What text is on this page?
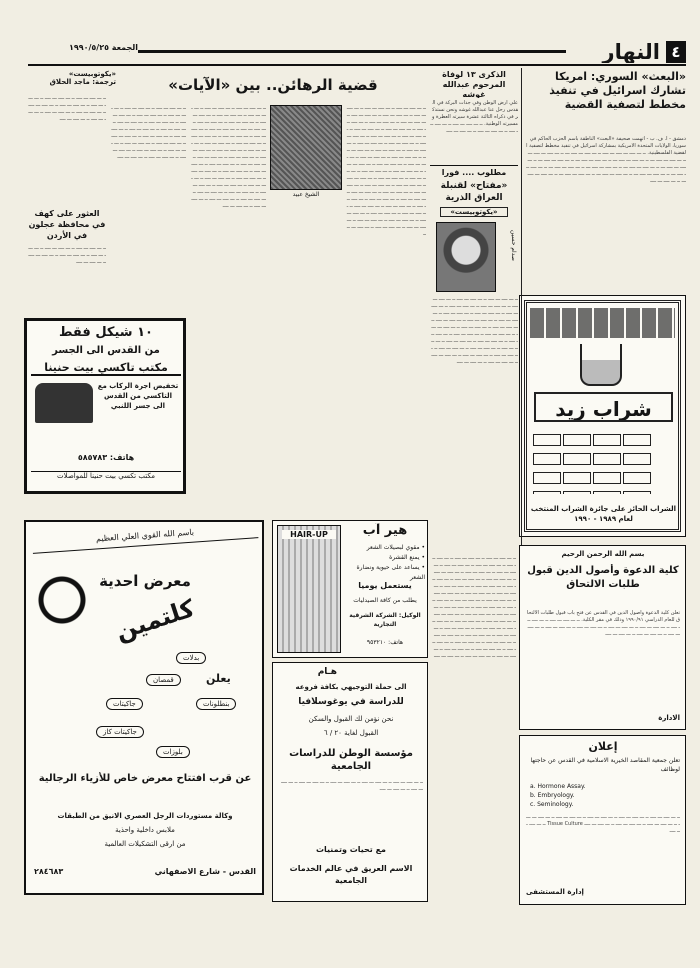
٤
النهار
الجمعة ١٩٩٠/٥/٢٥
«البعث» السوري: امريكا تشارك اسرائيل في تنفيذ مخطط لتصفية القضية
دمشق - ا. ف. ب - اتهمت صحيفة «البعث» الناطقة باسم الحزب الحاكم في سوريا، الولايات المتحدة الامريكية بمشاركة اسرائيل في تنفيذ مخطط لتصفية القضية الفلسطينية. ــ ـــ ــــ ـــ ــــ ـــ ــــ ــ ـــ ــــ ـــ ــــ ـــ ــ ـــ ــــ ـــ ــــ ـــ ــ ـــ ــــ ـــ ــــ ـــ ــ ـــ ــــ ـــ ــــ ـــ ــ ـــ ــــ ـــ ــــ ـــ ــ ـــ ــــ ـــ ــــ ـــ ــ ـــ ــــ ـــ ــــ ـــ ــ ـــ ــــ ـــ ــــ ـــ ــ ـــ ــــ ـــ ــــ ـــ ــ ـــ ــــ ـــ ــــ ـــ ــ ـــ ــــ ـــ ــــ ـــ ــ ـــ ــــ ـــ ــــ ـــ ــ ـــ ــــ ـــ ــــ ـــ ــ ـــ ــــ ـــ ــــ ـــ ــ ـــ ــــ ـــ ــــ ـــ ــ ـــ ــــ ـــ ــــ
شراب زيد

الشراب الحائز على جائزة الشراب المنتخب لعام ١٩٨٩ - ١٩٩٠
الذكرى ١٣ لوفاة المرحوم عبدالله غوشه
علي ارض الوطن وفي جدات البركة في القدس رحل عنا عبدالله غوشه ونحن نستذكر في ذكراه الثالثة عشرة سيرته العطرة ومسيرته الوطنية. ــ ـــ ــــ ـــ ــــ ــ ـــ ــــ ـــ ــــ ــ ـــ ــــ ـــ ــــ ــ ـــ ــــ ـــ ــــ
مطلوب .... فورا
«مفتاح» لقنبلة العراق الذرية
«يكوتوبيست»
صدام حسين
ــ ـــ ــــ ـــ ــــ ــ ـــ ــــ ـــ ــــ ــ ـــ ــــ ـــ ــــ ــ ـــ ــــ ـــ ــــ ــ ـــ ــــ ـــ ــــ ــ ـــ ــــ ـــ ــــ ــ ـــ ــــ ـــ ــــ ــ ـــ ــــ ـــ ــــ ــ ـــ ــــ ـــ ــــ ــ ـــ ــــ ـــ ــــ ــ ـــ ــــ ـــ ــــ ــ ـــ ــــ ـــ ــــ ــ ـــ ــــ ـــ ــــ ــ ـــ ــــ ـــ ــــ ــ ـــ ــــ ـــ ــــ ــ ـــ ــــ ـــ ــــ ــ ـــ ــــ ـــ ــــ ــ ـــ ــــ ـــ ــــ ــ ـــ ــــ ـــ ــــ ــ ـــ ــــ ـــ ــــ ــ ـــ ــــ ـــ ــــ ــ ـــ ــــ ـــ ــــ ــ ـــ ــــ ـــ ــــ ــ ـــ ــــ ـــ ــــ ــ ـــ ــــ ـــ ــــ ــ ـــ ــــ ـــ ــــ ــ ـــ ــــ ـــ ــــ
قضية الرهائن.. بين «الآيات»
«يكوتوبيست»
ترجمة: ماجد الحلاق
الشيخ عبيد
ــ ـــ ــــ ـــ ــــ ــ ـــ ــــ ـــ ــــ ــ ـــ ــــ ـــ ــــ ــ ـــ ــــ ـــ ــــ ــ ـــ ــــ ـــ ــــ ــ ـــ ــــ ـــ ــــ ــ ـــ ــــ ـــ ــــ ــ ـــ ــــ ـــ ــــ ــ ـــ ــــ ـــ ــــ ــ ـــ ــــ ـــ ــــ ــ ـــ ــــ ـــ ــــ ــ ـــ ــــ ـــ ــــ ــ ـــ ــــ ـــ ــــ ــ ـــ ــــ ـــ ــــ ــ ـــ ــــ ـــ ــــ ــ ـــ ــــ ـــ ــــ ــ ـــ ــــ ـــ ــــ ــ ـــ ــــ ـــ ــــ ــ ـــ ــــ ـــ ــــ ــ ـــ ــــ ـــ ــــ ــ ـــ ــــ ـــ ــــ ــ ـــ ــــ ـــ ــــ ــ ـــ ــــ ـــ ــــ ــ ـــ ــــ ـــ ــــ ــ ـــ ــــ ـــ ــــ ــ ـــ ــــ ـــ ــــ ــ ـــ ــــ ـــ ــــ ــ ـــ ــــ ـــ ــــ ــ ـــ ــــ ـــ ــــ ــ ـــ ــــ ـــ ــــ ــ ـــ ــــ ـــ ــــ ــ ـــ ــــ ـــ ــــ ــ ـــ ــــ ـــ ــــ ــ ـــ ــــ ـــ ــــ ــ ـــ ــــ ـــ ــــ ــ ـــ ــــ ـــ ــــ ــ ـــ ــــ ـــ ــــ ــ ـــ ــــ ـــ ــــ ــ ـــ ــــ ـــ ــــ ــ ـــ ــــ ـــ ــــ ــ ـــ ــــ ـــ ــــ ــ ـــ ــــ ـــ ــــ ــ ـــ ــــ ـــ ــــ ــ ـــ ــــ ـــ ــــ ــ ـــ ــــ ـــ ــــ ــ ـــ ــــ ـــ ــــ
ــ ـــ ــــ ـــ ــــ ــ ـــ ــــ ـــ ــــ ــ ـــ ــــ ـــ ــــ ــ ـــ ــــ ـــ ــــ ــ ـــ ــــ ـــ ــــ ــ ـــ ــــ ـــ ــــ ــ ـــ ــــ ـــ ــــ ــ ـــ ــــ ـــ ــــ ــ ـــ ــــ ـــ ــــ ــ ـــ ــــ ـــ ــــ ــ ـــ ــــ ـــ ــــ ــ ـــ ــــ ـــ ــــ ــ ـــ ــــ ـــ ــــ ــ ـــ ــــ ـــ ــــ ــ ـــ ــــ ـــ ــــ ــ ـــ ــــ ـــ ــــ ــ ـــ ــــ ـــ ــــ ــ ـــ ــــ ـــ ــــ ــ ـــ ــــ ـــ ــــ ــ ـــ ــــ ـــ ــــ ــ ـــ ــــ ـــ ــــ ــ ـــ ــــ ـــ ــــ ــ ـــ ــــ ـــ ــــ ــ ـــ ــــ ـــ ــــ ــ ـــ ــــ ـــ ــــ ــ ـــ ــــ ـــ ــــ ــ ـــ ــــ ـــ ــــ ــ ـــ ــــ ـــ ــــ ــ ـــ ــــ ـــ ــــ ــ ـــ ــــ ـــ ــــ ــ ـــ ــــ ـــ ــــ ــ ـــ ــــ ـــ ــــ ــ ـــ ــــ ـــ ــــ ــ ـــ ــــ ـــ ــــ ــ ـــ ــــ ـــ ــــ
ــ ـــ ــــ ـــ ــــ ــ ـــ ــــ ـــ ــــ ــ ـــ ــــ ـــ ــــ ــ ـــ ــــ ـــ ــــ ــ ـــ ــــ ـــ ــــ ــ ـــ ــــ ـــ ــــ ــ ـــ ــــ ـــ ــــ ــ ـــ ــــ ـــ ــــ ــ ـــ ــــ ـــ ــــ ــ ـــ ــــ ـــ ــــ ــ ـــ ــــ ـــ ــــ ــ ـــ ــــ ـــ ــــ ــ ـــ ــــ ـــ ــــ ــ ـــ ــــ ـــ ــــ ــ ـــ ــــ ـــ ــــ ــ ـــ ــــ ـــ ــــ ــ ـــ ــــ ـــ ــــ ــ ـــ ــــ ـــ ــــ ــ ـــ ــــ ـــ ــــ
ــ ـــ ــــ ـــ ــــ ــ ـــ ــــ ـــ ــــ ــ ـــ ــــ ـــ ــــ ــ ـــ ــــ ـــ ــــ ــ ـــ ــــ ـــ ــــ ــ ـــ ــــ ـــ ــــ ــ ـــ ــــ ـــ ــــ ــ ـــ ــــ ـــ ــــ ــ ـــ ــــ ـــ ــــ
العثور على كهف في محافظة عجلون في الأردن
ــ ـــ ــــ ـــ ــــ ــ ـــ ــــ ـــ ــــ ــ ـــ ــــ ـــ ــــ ــ ـــ ــــ ـــ ــــ ــ ـــ ــــ ـــ ــــ ــ ـــ ــــ ـــ ــــ
١٠ شيكل فقط
من القدس الى الجسر
مكتب تاكسي بيت حنينا
تخفيض اجرة الركاب مع التاكسي من القدس الى جسر اللنبي
هاتف: ٥٨٥٧٨٣
مكتب تكسي بيت حنينا للمواصلات
هير آب
HAIR-UP
• مقوي لبصيلات الشعر
• يمنع القشرة
• يساعد على حيوية ونضارة الشعر
يستعمل يوميا
يطلب من كافة الصيدليات
الوكيل: الشركة الشرقية التجارية
هاتف: ٩٥٣٢١٠
باسم الله القوي العلي العظيم
معرض احدية
كلتمين
بدلات
قمصان
جاكيتات	بنطلونات
جاكيتات كاز
بلوزات
يعلن
عن قرب افتتاح معرض خاص للأزياء الرجالية
وكالة مستوردات الرجل العصري الانيق من الطبقات
ملابس داخلية واحذية
من ارقى التشكيلات العالمية
القدس - شارع الاصفهاني
٢٨٤٦٨٣
هـام
الى حملة التوجيهي بكافة فروعه
للدراسة في يوغوسلافيا
نحن نؤمن لك القبول والسكن
القبول لغاية ٢٠ / ٦
مؤسسة الوطن للدراسات الجامعية
ــ ـــ ــــ ـــ ــــ ــ ـــ ــــ ـــ ــــ ــ ـــ ــــ ـــ ــــ ــ ـــ ــــ ـــ ــــ ــ ـــ ــــ ـــ ــــ ــ ـــ ــــ ـــ ــــ
مع تحيات وتمنيات
الاسم العريق في عالم الخدمات الجامعية
ــ ـــ ــــ ـــ ــــ ــ ـــ ــــ ـــ ــــ ــ ـــ ــــ ـــ ــــ ــ ـــ ــــ ـــ ــــ ــ ـــ ــــ ـــ ــــ ــ ـــ ــــ ـــ ــــ ــ ـــ ــــ ـــ ــــ ــ ـــ ــــ ـــ ــــ ــ ـــ ــــ ـــ ــــ ــ ـــ ــــ ـــ ــــ ــ ـــ ــــ ـــ ــــ ــ ـــ ــــ ـــ ــــ ــ ـــ ــــ ـــ ــــ ــ ـــ ــــ ـــ ــــ ــ ـــ ــــ ـــ ــــ ــ ـــ ــــ ـــ ــــ ــ ـــ ــــ ـــ ــــ ــ ـــ ــــ ـــ ــــ ــ ـــ ــــ ـــ ــــ ــ ـــ ــــ ـــ ــــ ــ ـــ ــــ ـــ ــــ ــ ـــ ــــ ـــ ــــ ــ ـــ ــــ ـــ ــــ ــ ـــ ــــ ـــ ــــ ــ ـــ ــــ ـــ ــــ ــ ـــ ــــ ـــ ــــ ــ ـــ ــــ ـــ ــــ ــ ـــ ــــ ـــ ــــ ــ ـــ ــــ ـــ ــــ ــ ـــ ــــ ـــ ــــ ــ ـــ ــــ ـــ ــــ ــ ـــ ــــ ـــ ــــ ــ ـــ ــــ ـــ ــــ ــ ـــ ــــ ـــ ــــ ــ ـــ ــــ ـــ ــــ ــ ـــ ــــ ـــ ــــ ــ ـــ ــــ ـــ ــــ ــ ـــ ــــ ـــ ــــ ــ ـــ ــــ ـــ ــــ ــ ـــ ــــ ـــ ــــ
بسم الله الرحمن الرحيم
كلية الدعوة وأصول الدين قبول طلبات الالتحاق
تعلن كلية الدعوة واصول الدين في القدس عن فتح باب قبول طلبات الالتحاق للعام الدراسي ١٩٩٠/٩١ وذلك في مقر الكلية. ــ ـــ ــــ ـــ ــــ ــ ـــ ــــ ـــ ــــ ــ ـــ ــــ ـــ ــــ ــ ـــ ــــ ـــ ــــ ــ ـــ ــــ ـــ ــــ ــ ـــ ــــ ـــ ــــ ــ ـــ ــــ ـــ ــــ ــ ـــ ــــ ـــ ــــ ــ ـــ ــــ ـــ ــــ
الادارة
إعلان
تعلن جمعية المقاصد الخيرية الاسلامية في القدس عن حاجتها لوظائف
a. Hormone Assay.
b. Embryology.
c. Seminology.
ــ ـــ ــــ ـــ ــــ ــ ـــ ــــ ـــ ــــ ــ ـــ ــــ ـــ ــــ ــ ـــ ــــ ـــ ــــ ــ ـــ ــــ ـــ ــــ ــ ـــ ــــ ـــ ــــ ــ ـــ ــــ ـــ ــــ ــ ـــ ــــ ـــ ــــ Tissue Culture ــ ـــ ــــ ـــ ــــ
إدارة المستشفى
